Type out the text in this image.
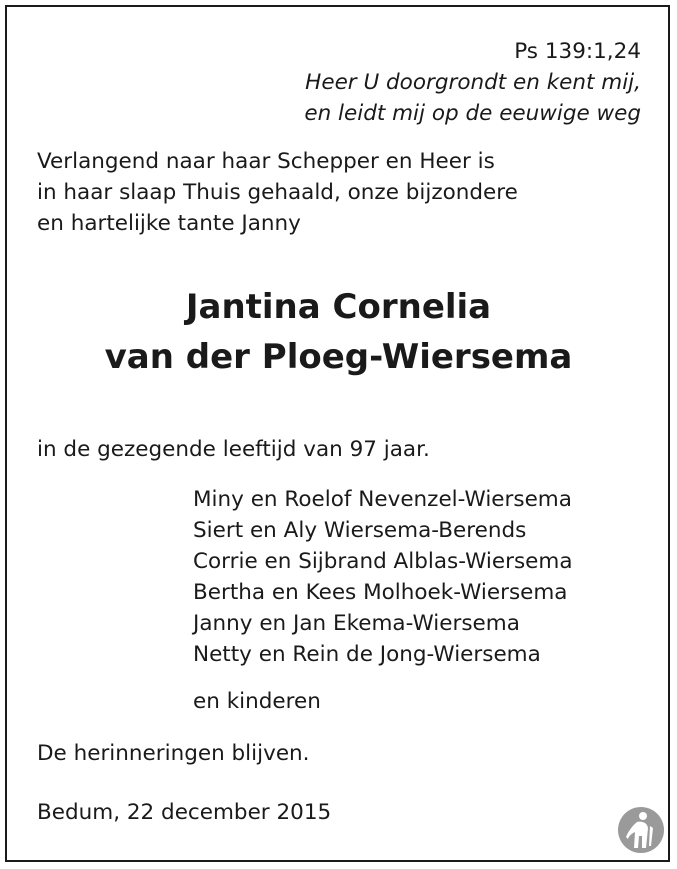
Ps 139:1,24
Heer U doorgrondt en kent mij,
en leidt mij op de eeuwige weg
Verlangend naar haar Schepper en Heer is
in haar slaap Thuis gehaald, onze bijzondere
en hartelijke tante Janny
Jantina Cornelia
van der Ploeg-Wiersema
in de gezegende leeftijd van 97 jaar.
Miny en Roelof Nevenzel-Wiersema
Siert en Aly Wiersema-Berends
Corrie en Sijbrand Alblas-Wiersema
Bertha en Kees Molhoek-Wiersema
Janny en Jan Ekema-Wiersema
Netty en Rein de Jong-Wiersema
en kinderen
De herinneringen blijven.
Bedum, 22 december 2015
